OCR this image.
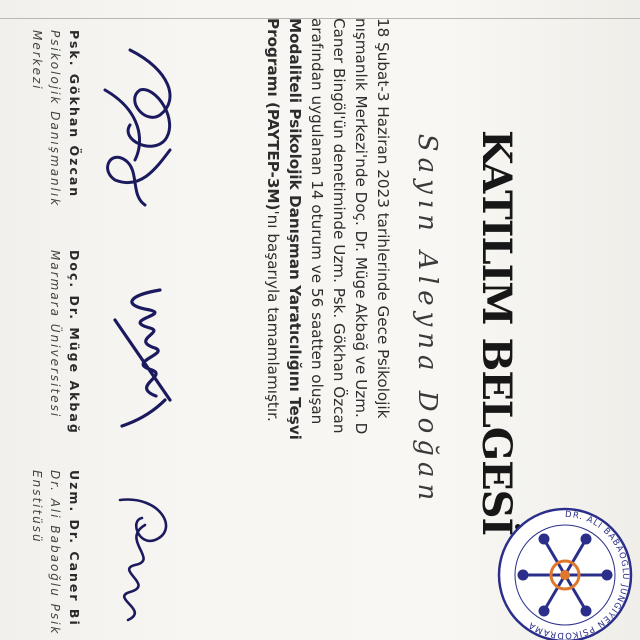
KATILIM BELGESİ
Sayın Aleyna Doğan

18 Şubat-3 Haziran 2023 tarihlerinde Gece Psikolojik

nışmanlık Merkezi'nde Doç. Dr. Müge Akbağ ve Uzm. D

Caner Bingöl'ün denetiminde Uzm. Psk. Gökhan Özcan

arafından uygulanan 14 oturum ve 56 saatten oluşan

Modaliteli Psikolojik Danışman Yaratıcılığını Teşvi

Programı (PAYTEP-3M)'nı başarıyla tamamlamıştır.

Psk. Gökhan Özcan
Psikolojik Danışmanlık
Merkezi
Doç. Dr. Müge Akbağ
Marmara Üniversitesi
Uzm. Dr. Caner Bi
Dr. Ali Babaoğlu Psik
Enstitüsü	DR. ALİ BABAOĞLU JUNGIYEN PSİKODRAMA
